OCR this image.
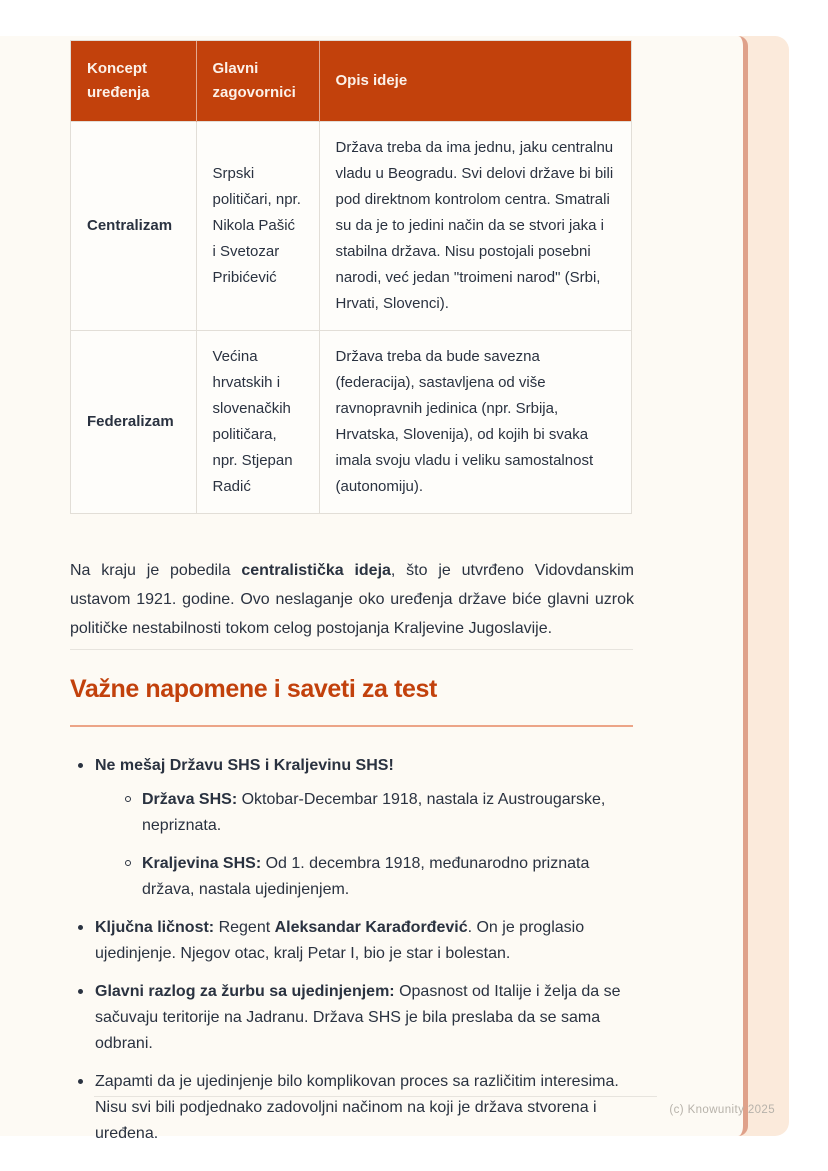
Koncept uređenja	Glavni zagovornici	Opis ideje
Centralizam	Srpski političari, npr. Nikola Pašić i Svetozar Pribićević	Država treba da ima jednu, jaku centralnu vladu u Beogradu. Svi delovi države bi bili pod direktnom kontrolom centra. Smatrali su da je to jedini način da se stvori jaka i stabilna država. Nisu postojali posebni narodi, već jedan "troimeni narod" (Srbi, Hrvati, Slovenci).
Federalizam	Većina hrvatskih i slovenačkih političara, npr. Stjepan Radić	Država treba da bude savezna (federacija), sastavljena od više ravnopravnih jedinica (npr. Srbija, Hrvatska, Slovenija), od kojih bi svaka imala svoju vladu i veliku samostalnost (autonomiju).

Na kraju je pobedila centralistička ideja, što je utvrđeno Vidovdanskim ustavom 1921. godine. Ovo neslaganje oko uređenja države biće glavni uzrok političke nestabilnosti tokom celog postojanja Kraljevine Jugoslavije.

Važne napomene i saveti za test
Ne mešaj Državu SHS i Kraljevinu SHS!
Država SHS: Oktobar-Decembar 1918, nastala iz Austrougarske, nepriznata.
Kraljevina SHS: Od 1. decembra 1918, međunarodno priznata država, nastala ujedinjenjem.
Ključna ličnost: Regent Aleksandar Karađorđević. On je proglasio ujedinjenje. Njegov otac, kralj Petar I, bio je star i bolestan.
Glavni razlog za žurbu sa ujedinjenjem: Opasnost od Italije i želja da se sačuvaju teritorije na Jadranu. Država SHS je bila preslaba da se sama odbrani.
Zapamti da je ujedinjenje bilo komplikovan proces sa različitim interesima. Nisu svi bili podjednako zadovoljni načinom na koji je država stvorena i uređena.
(c) Knowunity 2025
